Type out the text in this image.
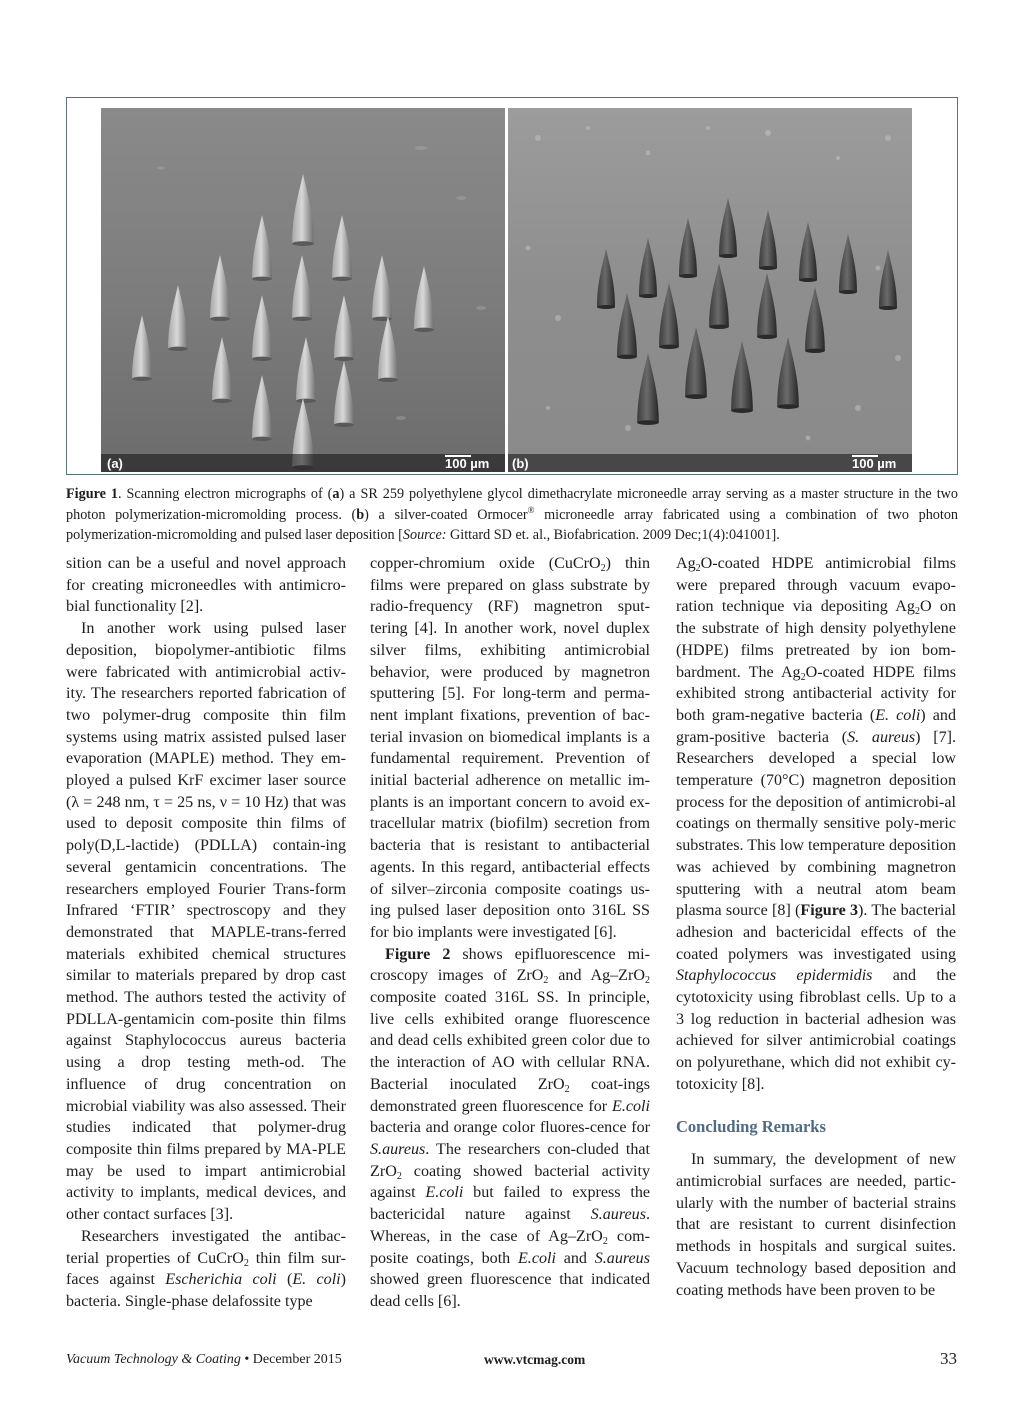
(a)	100 µm (b)	100 µm
Figure 1. Scanning electron micrographs of (a) a SR 259 polyethylene glycol dimethacrylate microneedle array serving as a master structure in the two photon polymerization-micromolding process. (b) a silver-coated Ormocer® microneedle array fabricated using a combination of two photon polymerization-micromolding and pulsed laser deposition [Source: Gittard SD et. al., Biofabrication. 2009 Dec;1(4):041001].

sition can be a useful and novel approach for creating microneedles with antimicro-bial functionality [2].

In another work using pulsed laser deposition, biopolymer-antibiotic films were fabricated with antimicrobial activ-ity. The researchers reported fabrication of two polymer-drug composite thin film systems using matrix assisted pulsed laser evaporation (MAPLE) method. They em-ployed a pulsed KrF excimer laser source (λ = 248 nm, τ = 25 ns, ν = 10 Hz) that was used to deposit composite thin films of poly(D,L-lactide) (PDLLA) contain-ing several gentamicin concentrations. The researchers employed Fourier Trans-form Infrared ‘FTIR’ spectroscopy and they demonstrated that MAPLE-trans-ferred materials exhibited chemical structures similar to materials prepared by drop cast method. The authors tested the activity of PDLLA-gentamicin com-posite thin films against Staphylococcus aureus bacteria using a drop testing meth-od. The influence of drug concentration on microbial viability was also assessed. Their studies indicated that polymer-drug composite thin films prepared by MA-PLE may be used to impart antimicrobial activity to implants, medical devices, and other contact surfaces [3].

Researchers investigated the antibac-terial properties of CuCrO$_2$ thin film sur-faces against Escherichia coli (E. coli) bacteria. Single-phase delafossite type

copper-chromium oxide (CuCrO$_2$) thin films were prepared on glass substrate by radio-frequency (RF) magnetron sput-tering [4]. In another work, novel duplex silver films, exhibiting antimicrobial behavior, were produced by magnetron sputtering [5]. For long-term and perma-nent implant fixations, prevention of bac-terial invasion on biomedical implants is a fundamental requirement. Prevention of initial bacterial adherence on metallic im-plants is an important concern to avoid ex-tracellular matrix (biofilm) secretion from bacteria that is resistant to antibacterial agents. In this regard, antibacterial effects of silver–zirconia composite coatings us-ing pulsed laser deposition onto 316L SS for bio implants were investigated [6].

Figure 2 shows epifluorescence mi-croscopy images of ZrO$_2$ and Ag–ZrO$_2$ composite coated 316L SS. In principle, live cells exhibited orange fluorescence and dead cells exhibited green color due to the interaction of AO with cellular RNA. Bacterial inoculated ZrO$_2$ coat-ings demonstrated green fluorescence for E.coli bacteria and orange color fluores-cence for S.aureus. The researchers con-cluded that ZrO$_2$ coating showed bacterial activity against E.coli but failed to express the bactericidal nature against S.aureus. Whereas, in the case of Ag–ZrO$_2$ com-posite coatings, both E.coli and S.aureus showed green fluorescence that indicated dead cells [6].

$Ag_2O$-coated HDPE antimicrobial films were prepared through vacuum evapo-ration technique via depositing $Ag_2O$ on the substrate of high density polyethylene (HDPE) films pretreated by ion bom-bardment. The $Ag_2O$-coated HDPE films exhibited strong antibacterial activity for both gram-negative bacteria (E. coli) and gram-positive bacteria (S. aureus) [7]. Researchers developed a special low temperature (70°C) magnetron deposition process for the deposition of antimicrobi-al coatings on thermally sensitive poly-meric substrates. This low temperature deposition was achieved by combining magnetron sputtering with a neutral atom beam plasma source [8] (Figure 3). The bacterial adhesion and bactericidal effects of the coated polymers was investigated using Staphylococcus epidermidis and the cytotoxicity using fibroblast cells. Up to a 3 log reduction in bacterial adhesion was achieved for silver antimicrobial coatings on polyurethane, which did not exhibit cy-totoxicity [8].

Concluding Remarks

In summary, the development of new antimicrobial surfaces are needed, partic-ularly with the number of bacterial strains that are resistant to current disinfection methods in hospitals and surgical suites. Vacuum technology based deposition and coating methods have been proven to be

Vacuum Technology & Coating • December 2015	www.vtcmag.com	33
